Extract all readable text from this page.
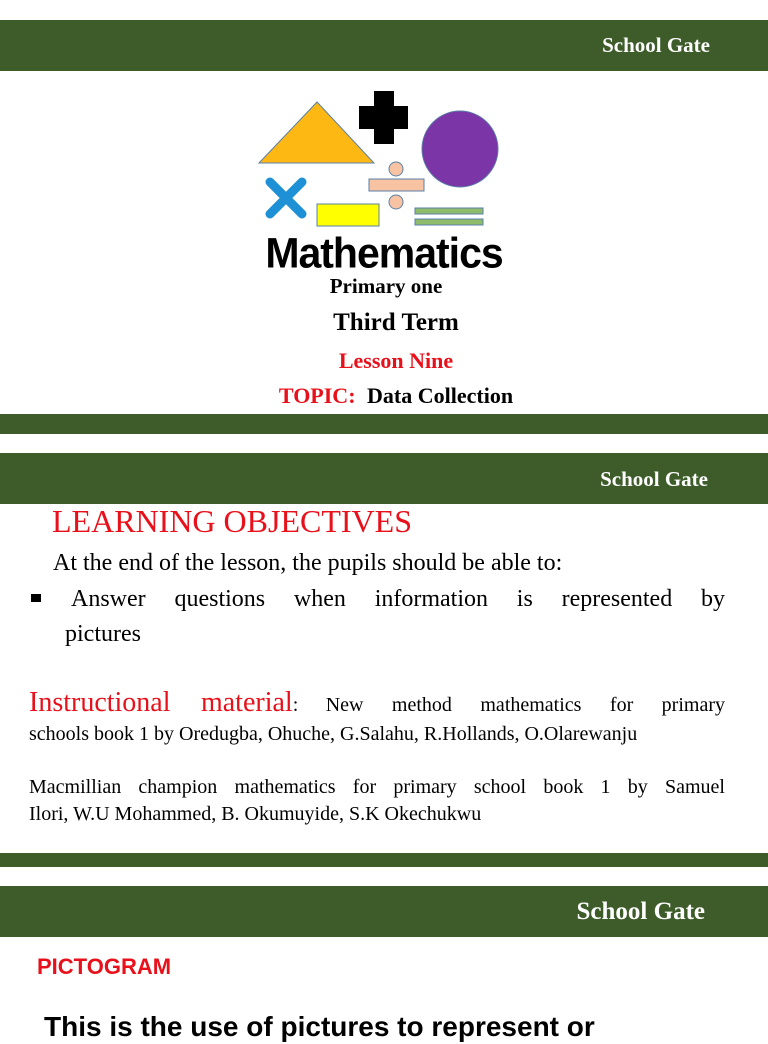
School Gate
Mathematics
Primary one
Third Term
Lesson Nine
TOPIC: Data Collection
School Gate
LEARNING OBJECTIVES
At the end of the lesson, the pupils should be able to:
Answer questions when information is represented by
pictures
Instructional material: New method mathematics for primary
schools book 1 by Oredugba, Ohuche, G.Salahu, R.Hollands, O.Olarewanju
Macmillian champion mathematics for primary school book 1 by Samuel
Ilori, W.U Mohammed, B. Okumuyide, S.K Okechukwu
School Gate
PICTOGRAM
This is the use of pictures to represent or
